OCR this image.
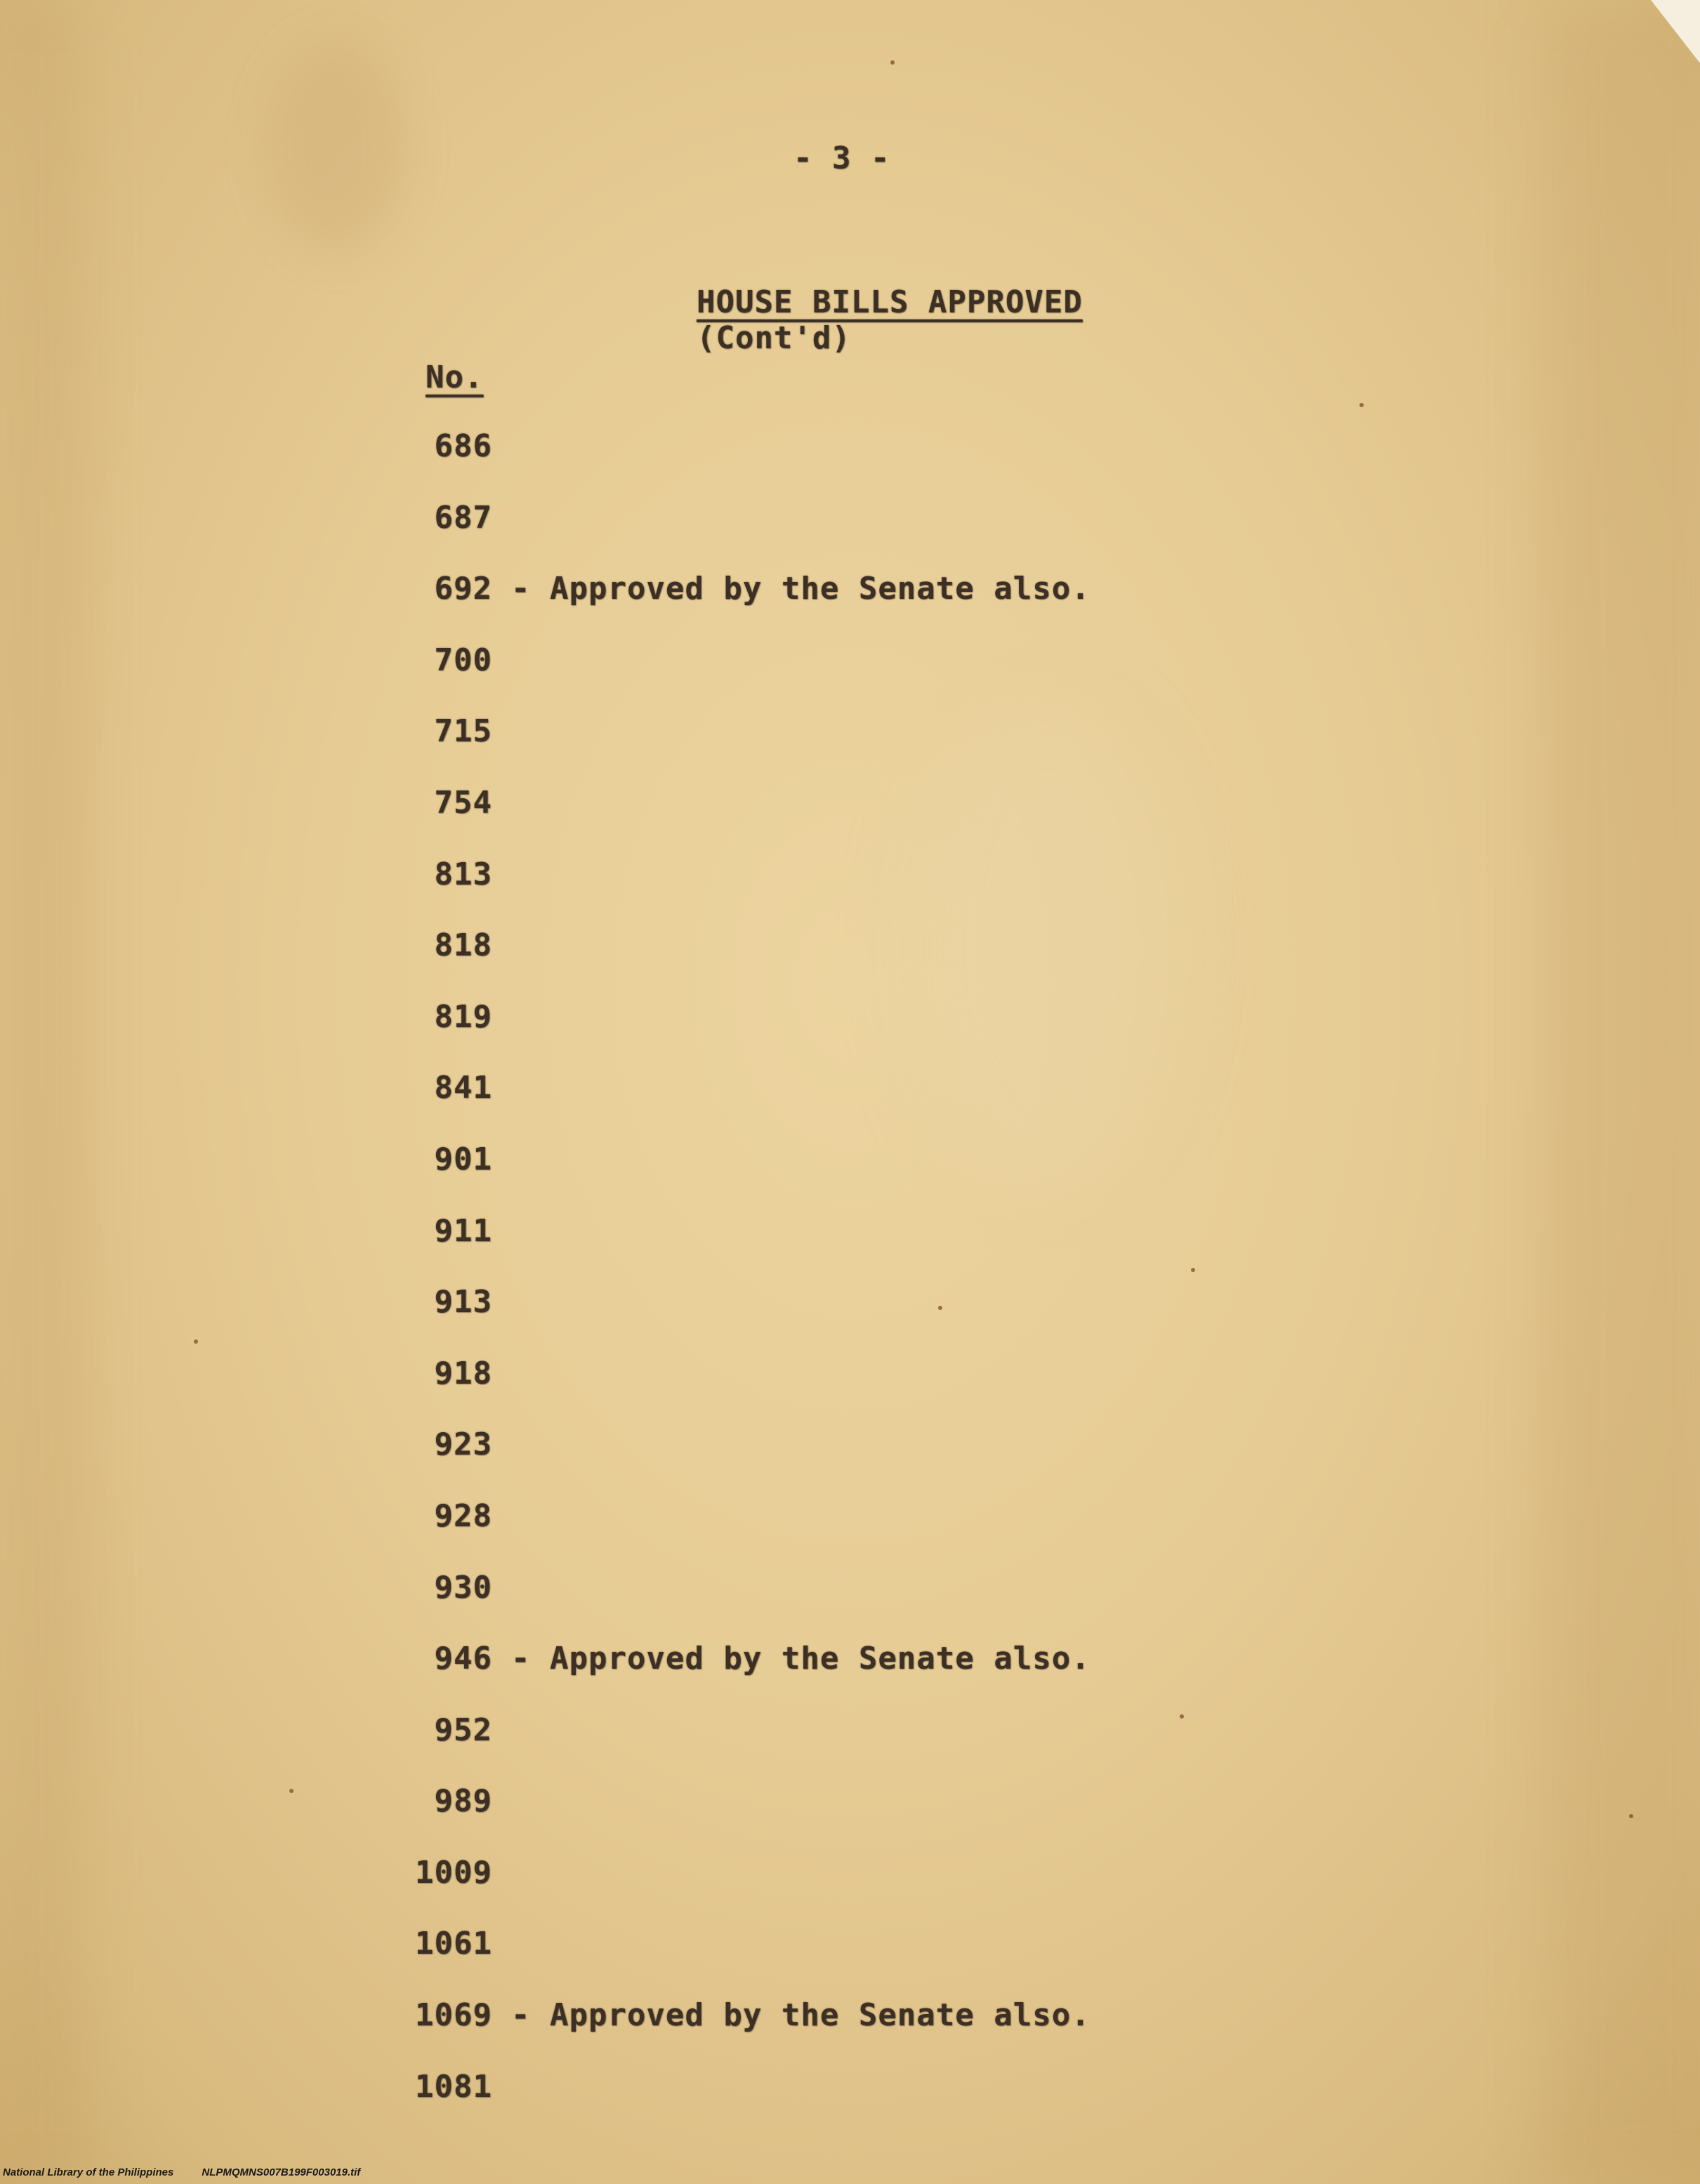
- 3 -

HOUSE BILLS APPROVED
(Cont'd)

No.
686
687
692 - Approved by the Senate also.
700
715
754
813
818
819
841
901
911
913
918
923
928
930
946 - Approved by the Senate also.
952
989
1009
1061
1069 - Approved by the Senate also.
1081
National Library of the Philippines	NLPMQMNS007B199F003019.tif
